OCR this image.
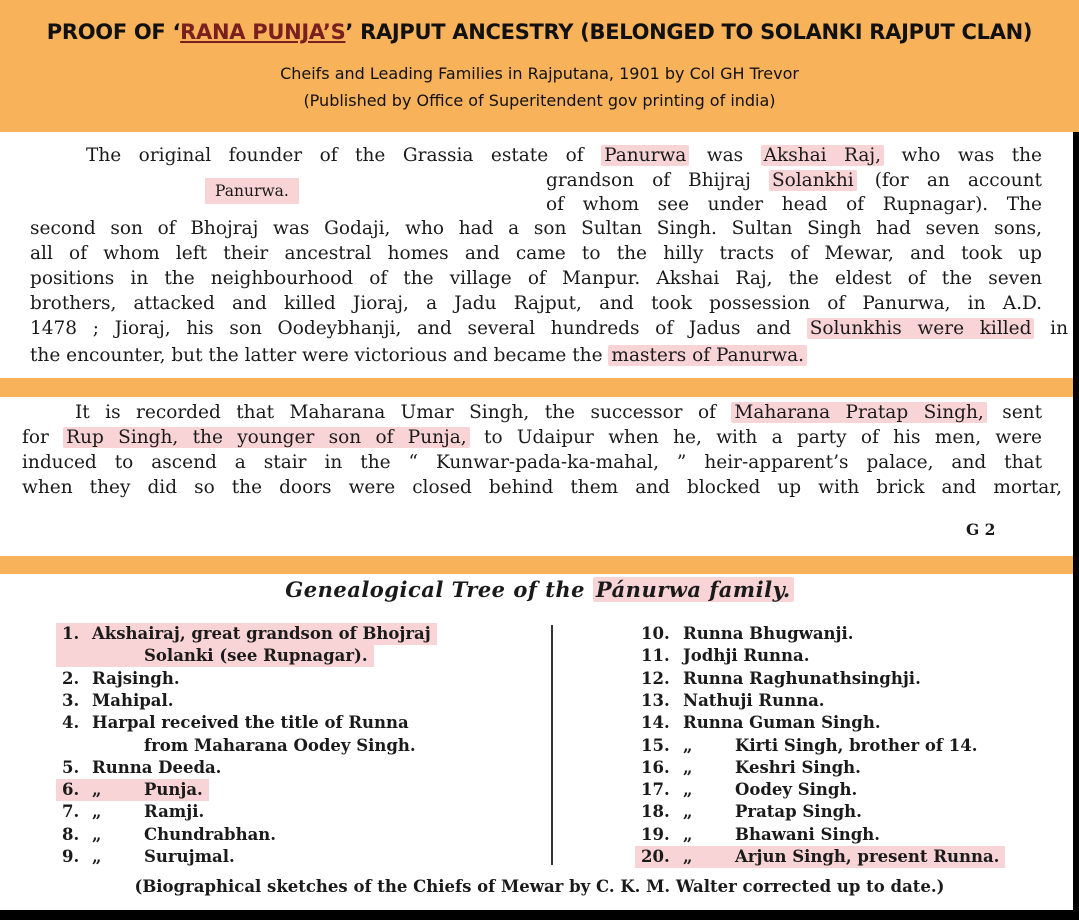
PROOF OF ‘RANA PUNJA’S’ RAJPUT ANCESTRY (BELONGED TO SOLANKI RAJPUT CLAN)
Cheifs and Leading Families in Rajputana, 1901 by Col GH Trevor
(Published by Office of Superitendent gov printing of india)
The original founder of the Grassia estate of Panurwa was Akshai Raj, who was the
Panurwa.	grandson of Bhijraj Solankhi (for an account
of whom see under head of Rupnagar). The
second son of Bhojraj was Godaji, who had a son Sultan Singh. Sultan Singh had seven sons,
all of whom left their ancestral homes and came to the hilly tracts of Mewar, and took up
positions in the neighbourhood of the village of Manpur. Akshai Raj, the eldest of the seven
brothers, attacked and killed Jioraj, a Jadu Rajput, and took possession of Panurwa, in A.D.
1478 ; Jioraj, his son Oodeybhanji, and several hundreds of Jadus and Solunkhis were killed in
the encounter, but the latter were victorious and became the masters of Panurwa.
It is recorded that Maharana Umar Singh, the successor of Maharana Pratap Singh, sent
for Rup Singh, the younger son of Punja, to Udaipur when he, with a party of his men, were
induced to ascend a stair in the “ Kunwar-pada-ka-mahal, ” heir-apparent’s palace, and that
when they did so the doors were closed behind them and blocked up with brick and mortar,
G 2
Genealogical Tree of the Pánurwa family.
1. Akshairaj, great grandson of Bhojraj
Solanki (see Rupnagar).
2. Rajsingh.
3. Mahipal.
4. Harpal received the title of Runna
from Maharana Oodey Singh.
5. Runna Deeda.
6. „	Punja.
7. „	Ramji.
8. „	Chundrabhan.
9. „	Surujmal.
10. Runna Bhugwanji.
11. Jodhji Runna.
12. Runna Raghunathsinghji.
13. Nathuji Runna.
14. Runna Guman Singh.
15. „	Kirti Singh, brother of 14.
16. „	Keshri Singh.
17. „	Oodey Singh.
18. „	Pratap Singh.
19. „	Bhawani Singh.
20. „	Arjun Singh, present Runna.
(Biographical sketches of the Chiefs of Mewar by C. K. M. Walter corrected up to date.)
